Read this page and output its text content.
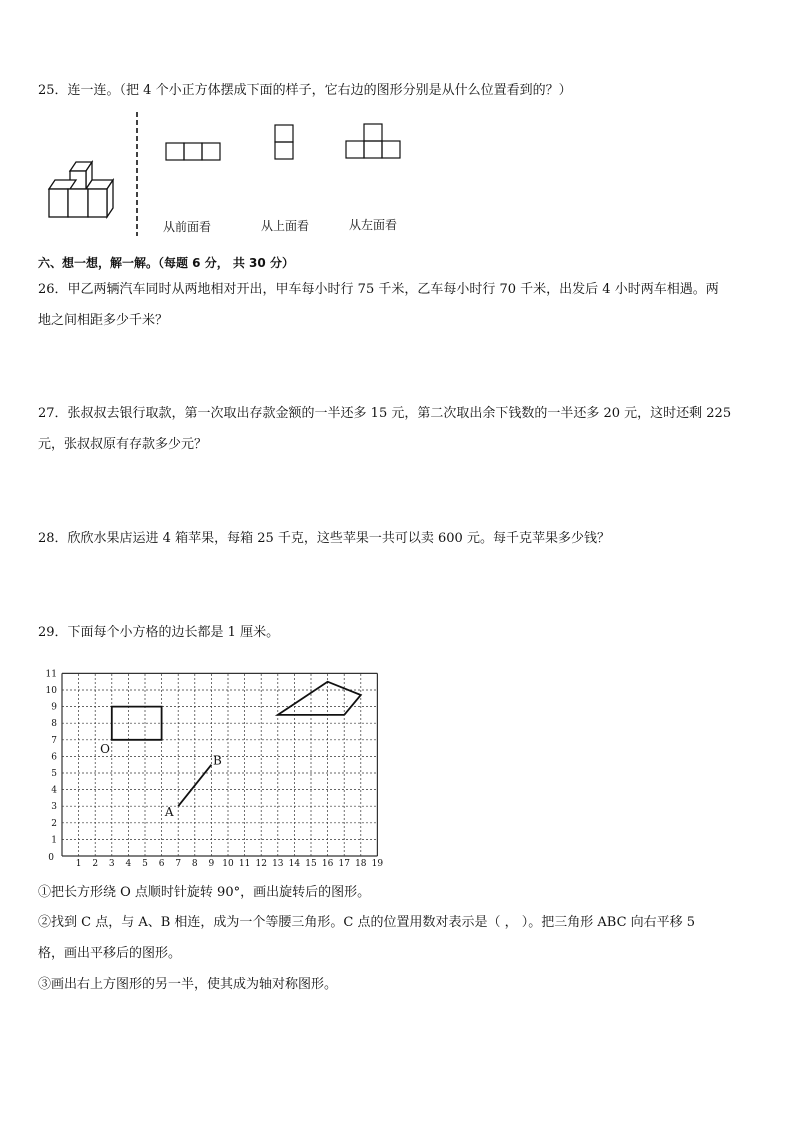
25．连一连。（把 4 个小正方体摆成下面的样子，它右边的图形分别是从什么位置看到的？）
从前面看	从上面看	从左面看
六、想一想，解一解。（每题 6 分， 共 30 分）
26．甲乙两辆汽车同时从两地相对开出，甲车每小时行 75 千米，乙车每小时行 70 千米，出发后 4 小时两车相遇。两
地之间相距多少千米？
27．张叔叔去银行取款，第一次取出存款金额的一半还多 15 元，第二次取出余下钱数的一半还多 20 元，这时还剩 225
元，张叔叔原有存款多少元？
28．欣欣水果店运进 4 箱苹果，每箱 25 千克，这些苹果一共可以卖 600 元。每千克苹果多少钱？
29．下面每个小方格的边长都是 1 厘米。
1 2 3 4 5 6 7 8 9 10 11 12 13 14 15 16 17 18 19
1
2
3
4
5
6
7
8
9
10
11
0
O
A
B
①把长方形绕 O 点顺时针旋转 90°，画出旋转后的图形。
②找到 C 点，与 A、B 相连，成为一个等腰三角形。C 点的位置用数对表示是（ ， ）。把三角形 ABC 向右平移 5
格，画出平移后的图形。
③画出右上方图形的另一半，使其成为轴对称图形。
